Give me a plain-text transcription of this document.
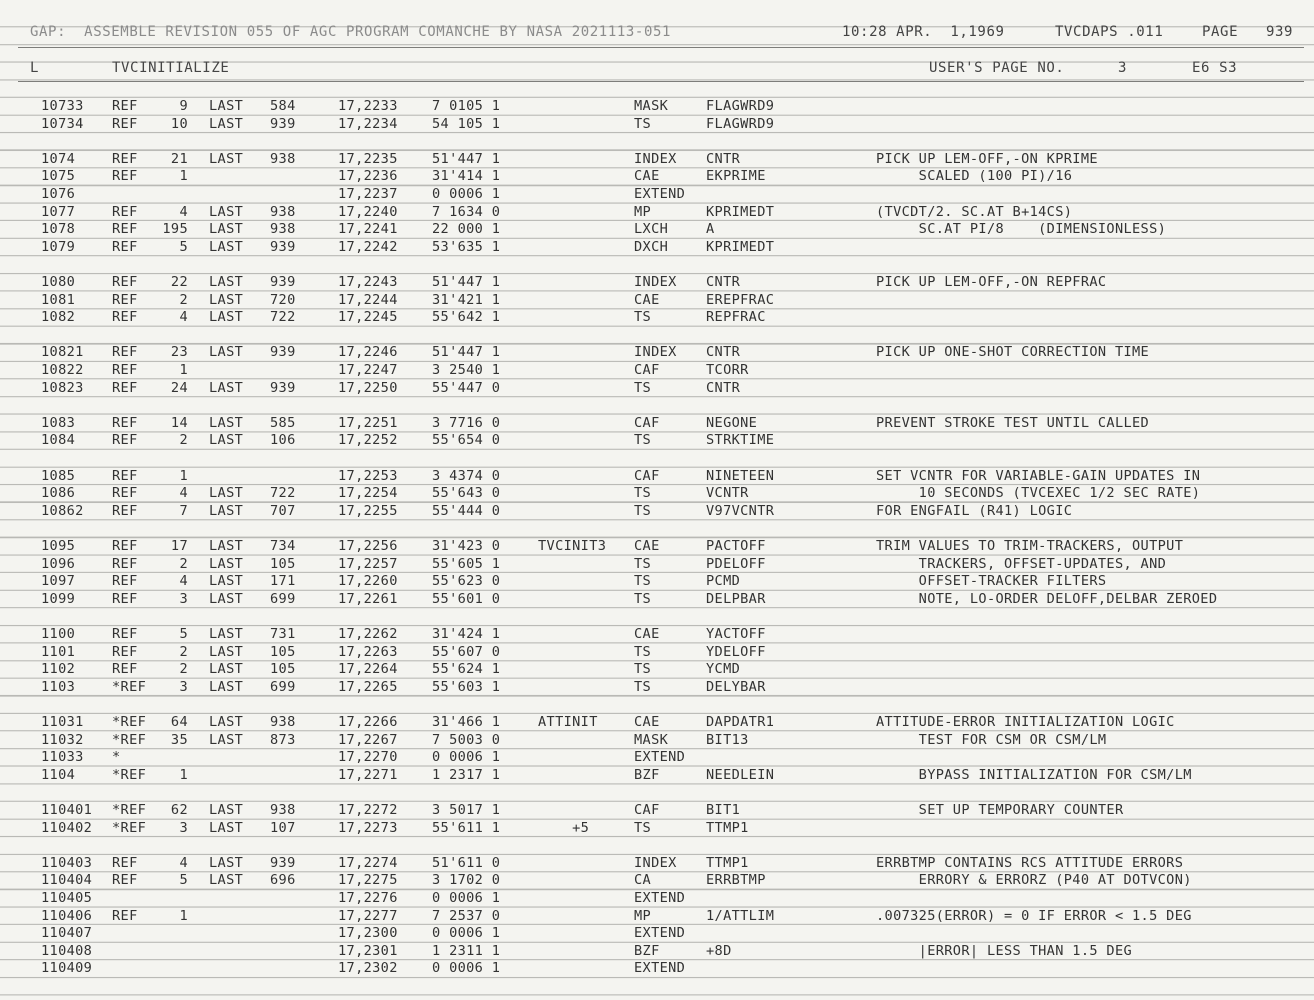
GAP:  ASSEMBLE REVISION 055 OF AGC PROGRAM COMANCHE BY NASA 2021113-051

	10:28 APR.  1,1969

	TVCDAPS .011

	PAGE

939

L

	TVCINITIALIZE

	USER'S PAGE NO.

	3

	E6 S3

10733 REF	9 LAST 584	17,2233	7 0105 1	MASK	FLAGWRD9
10734 REF	10 LAST 939	17,2234	54 105 1	TS	FLAGWRD9
1074	REF	21 LAST 938	17,2235	51'447 1	INDEX CNTR	PICK UP LEM-OFF,-ON KPRIME
1075	REF	1	17,2236	31'414 1	CAE	EKPRIME	SCALED (100 PI)/16
1076	17,2237	0 0006 1	EXTEND
1077	REF	4 LAST 938	17,2240	7 1634 0	MP	KPRIMEDT	(TVCDT/2. SC.AT B+14CS)
1078	REF 195 LAST 938	17,2241	22 000 1	LXCH	A	SC.AT PI/8    (DIMENSIONLESS)
1079	REF	5 LAST 939	17,2242	53'635 1	DXCH	KPRIMEDT
1080	REF	22 LAST 939	17,2243	51'447 1	INDEX CNTR	PICK UP LEM-OFF,-ON REPFRAC
1081	REF	2 LAST 720	17,2244	31'421 1	CAE	EREPFRAC
1082	REF	4 LAST 722	17,2245	55'642 1	TS	REPFRAC
10821 REF	23 LAST 939	17,2246	51'447 1	INDEX CNTR	PICK UP ONE-SHOT CORRECTION TIME
10822 REF	1	17,2247	3 2540 1	CAF	TCORR
10823 REF	24 LAST 939	17,2250	55'447 0	TS	CNTR
1083	REF	14 LAST 585	17,2251	3 7716 0	CAF	NEGONE	PREVENT STROKE TEST UNTIL CALLED
1084	REF	2 LAST 106	17,2252	55'654 0	TS	STRKTIME
1085	REF	1	17,2253	3 4374 0	CAF	NINETEEN	SET VCNTR FOR VARIABLE-GAIN UPDATES IN
1086	REF	4 LAST 722	17,2254	55'643 0	TS	VCNTR	10 SECONDS (TVCEXEC 1/2 SEC RATE)
10862 REF	7 LAST 707	17,2255	55'444 0	TS	V97VCNTR	FOR ENGFAIL (R41) LOGIC
1095	REF	17 LAST 734	17,2256	31'423 0	TVCINIT3 CAE	PACTOFF	TRIM VALUES TO TRIM-TRACKERS, OUTPUT
1096	REF	2 LAST 105	17,2257	55'605 1	TS	PDELOFF	TRACKERS, OFFSET-UPDATES, AND
1097	REF	4 LAST 171	17,2260	55'623 0	TS	PCMD	OFFSET-TRACKER FILTERS
1099	REF	3 LAST 699	17,2261	55'601 0	TS	DELPBAR	NOTE, LO-ORDER DELOFF,DELBAR ZEROED
1100	REF	5 LAST 731	17,2262	31'424 1	CAE	YACTOFF
1101	REF	2 LAST 105	17,2263	55'607 0	TS	YDELOFF
1102	REF	2 LAST 105	17,2264	55'624 1	TS	YCMD
1103	*REF	3 LAST 699	17,2265	55'603 1	TS	DELYBAR
11031 *REF	64 LAST 938	17,2266	31'466 1	ATTINIT	CAE	DAPDATR1	ATTITUDE-ERROR INITIALIZATION LOGIC
11032 *REF	35 LAST 873	17,2267	7 5003 0	MASK	BIT13	TEST FOR CSM OR CSM/LM
11033 *	17,2270	0 0006 1	EXTEND
1104	*REF	1	17,2271	1 2317 1	BZF	NEEDLEIN	BYPASS INITIALIZATION FOR CSM/LM
110401 *REF	62 LAST 938	17,2272	3 5017 1	CAF	BIT1	SET UP TEMPORARY COUNTER
110402 *REF	3 LAST 107	17,2273	55'611 1	+5	TS	TTMP1
110403 REF	4 LAST 939	17,2274	51'611 0	INDEX TTMP1	ERRBTMP CONTAINS RCS ATTITUDE ERRORS
110404 REF	5 LAST 696	17,2275	3 1702 0	CA	ERRBTMP	ERRORY & ERRORZ (P40 AT DOTVCON)
110405	17,2276	0 0006 1	EXTEND
110406 REF	1	17,2277	7 2537 0	MP	1/ATTLIM	.007325(ERROR) = 0 IF ERROR < 1.5 DEG
110407	17,2300	0 0006 1	EXTEND
110408	17,2301	1 2311 1	BZF	+8D	|ERROR| LESS THAN 1.5 DEG
110409	17,2302	0 0006 1	EXTEND
